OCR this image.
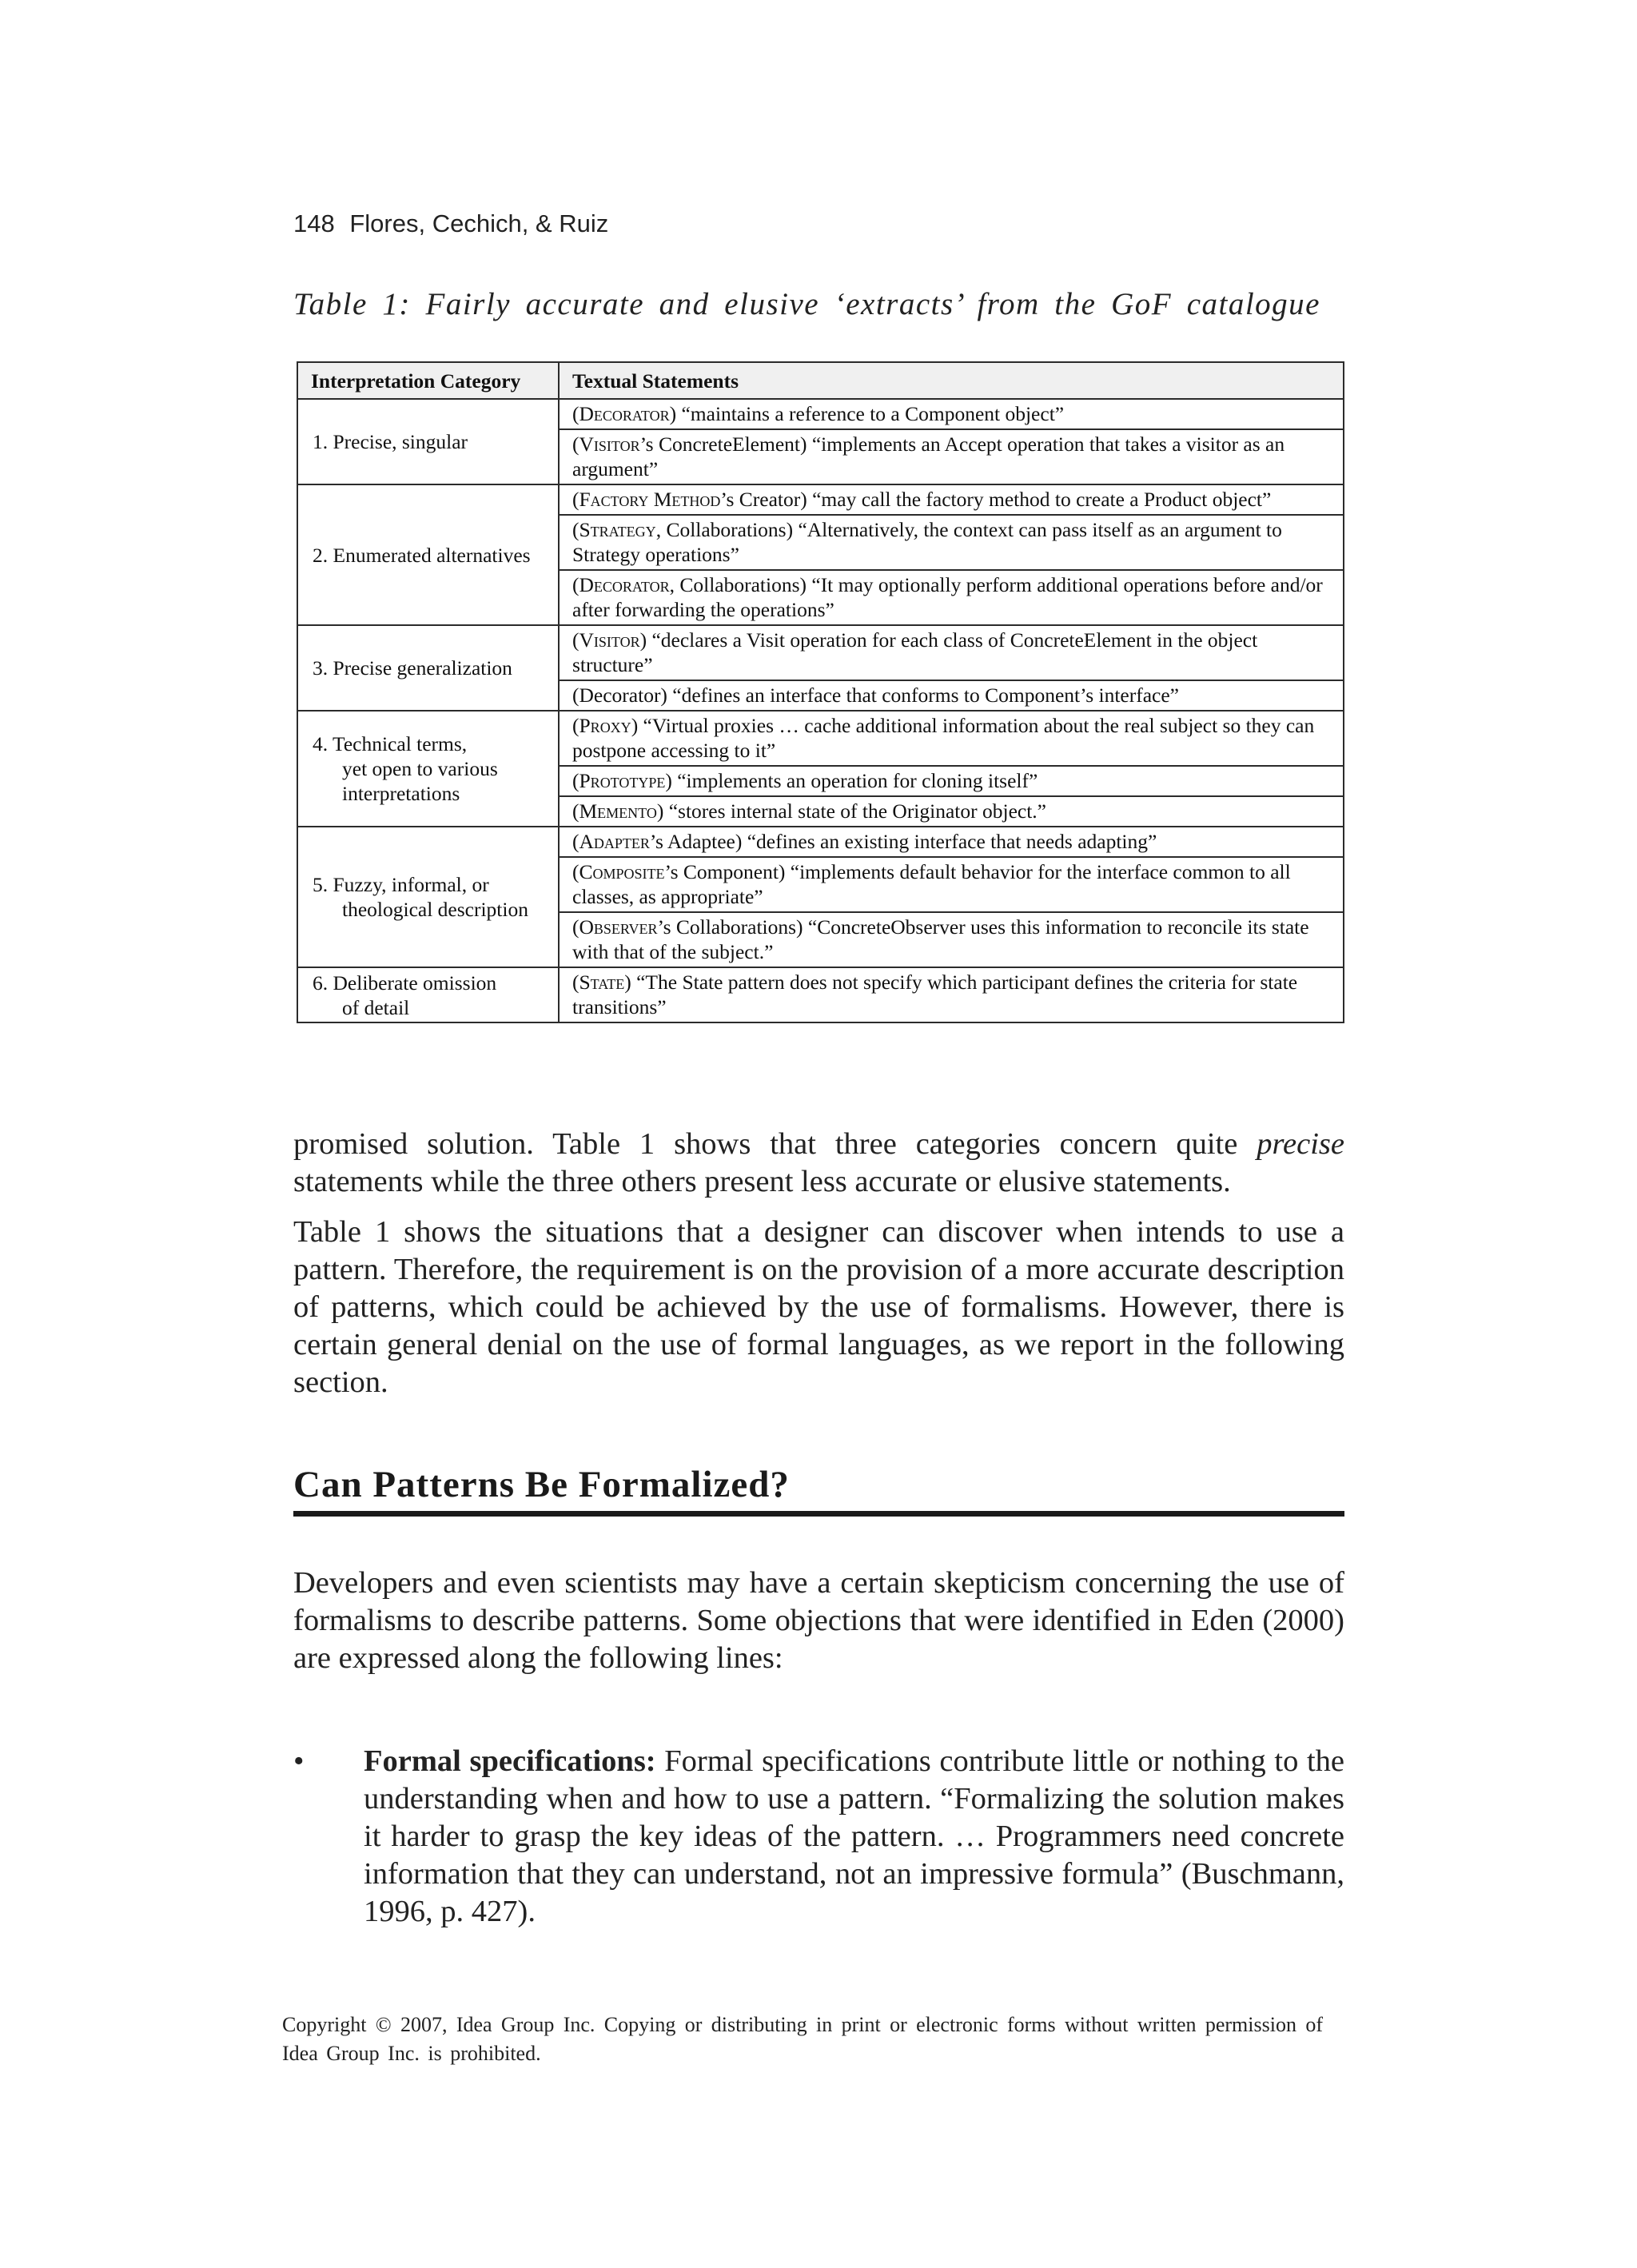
148 Flores, Cechich, & Ruiz
Table 1: Fairly accurate and elusive ‘extracts’ from the GoF catalogue
Interpretation Category	Textual Statements
1. Precise, singular	(Decorator) “maintains a reference to a Component object”
	(Visitor’s ConcreteElement) “implements an Accept operation that takes a visitor as an argument”
2. Enumerated alternatives	(Factory Method’s Creator) “may call the factory method to create a Product object”
	(Strategy, Collaborations) “Alternatively, the context can pass itself as an argument to Strategy operations”
	(Decorator, Collaborations) “It may optionally perform additional operations before and/or after forwarding the operations”
3. Precise generalization	(Visitor) “declares a Visit operation for each class of ConcreteElement in the object structure”
	(Decorator) “defines an interface that conforms to Component’s interface”
4. Technical terms,
yet open to various
interpretations	(Proxy) “Virtual proxies … cache additional information about the real subject so they can postpone accessing to it”
	(Prototype) “implements an operation for cloning itself”
	(Memento) “stores internal state of the Originator object.”
5. Fuzzy, informal, or
theological description	(Adapter’s Adaptee) “defines an existing interface that needs adapting”
	(Composite’s Component) “implements default behavior for the interface common to all classes, as appropriate”
	(Observer’s Collaborations) “ConcreteObserver uses this information to reconcile its state with that of the subject.”
6. Deliberate omission
of detail	(State) “The State pattern does not specify which participant defines the criteria for state transitions”
promised solution. Table 1 shows that three categories concern quite precise statements while the three others present less accurate or elusive statements.
Table 1 shows the situations that a designer can discover when intends to use a pattern. Therefore, the requirement is on the provision of a more accurate description of patterns, which could be achieved by the use of formalisms. However, there is certain general denial on the use of formal languages, as we report in the following section.
Can Patterns Be Formalized?
Developers and even scientists may have a certain skepticism concerning the use of formalisms to describe patterns. Some objections that were identified in Eden (2000) are expressed along the following lines:
• Formal specifications: Formal specifications contribute little or nothing to the understanding when and how to use a pattern. “Formalizing the solution makes it harder to grasp the key ideas of the pattern. … Programmers need concrete information that they can understand, not an impressive formula” (Buschmann, 1996, p. 427).
Copyright © 2007, Idea Group Inc. Copying or distributing in print or electronic forms without written permission of Idea Group Inc. is prohibited.
